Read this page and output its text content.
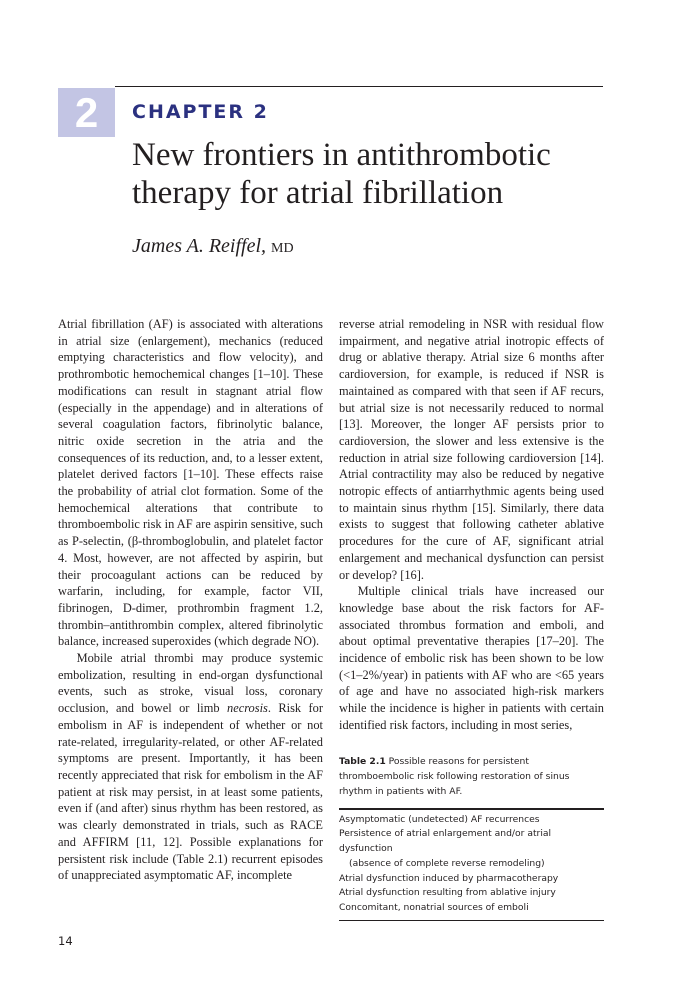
2	CHAPTER 2
New frontiers in antithrombotic
therapy for atrial fibrillation
James A. Reiffel, MD

Atrial fibrillation (AF) is associated with alterations in atrial size (enlargement), mechanics (reduced emptying characteristics and flow velocity), and prothrombotic hemochemical changes [1–10]. These modifications can result in stagnant atrial flow (especially in the appendage) and in alterations of several coagulation factors, fibrinolytic balance, nitric oxide secretion in the atria and the consequences of its reduction, and, to a lesser extent, platelet derived factors [1–10]. These effects raise the probability of atrial clot formation. Some of the hemochemical alterations that contribute to thromboembolic risk in AF are aspirin sensitive, such as P-selectin, (β-thromboglobulin, and platelet factor 4. Most, however, are not affected by aspirin, but their procoagulant actions can be reduced by warfarin, including, for example, factor VII, fibrinogen, D-dimer, prothrombin fragment 1.2, thrombin–antithrombin complex, altered fibrinolytic balance, increased superoxides (which degrade NO).

Mobile atrial thrombi may produce systemic embolization, resulting in end-organ dysfunctional events, such as stroke, visual loss, coronary occlusion, and bowel or limb necrosis. Risk for embolism in AF is independent of whether or not rate-related, irregularity-related, or other AF-related symptoms are present. Importantly, it has been recently appreciated that risk for embolism in the AF patient at risk may persist, in at least some patients, even if (and after) sinus rhythm has been restored, as was clearly demonstrated in trials, such as RACE and AFFIRM [11, 12]. Possible explanations for persistent risk include (Table 2.1) recurrent episodes of unappreciated asymptomatic AF, incomplete

reverse atrial remodeling in NSR with residual flow impairment, and negative atrial inotropic effects of drug or ablative therapy. Atrial size 6 months after cardioversion, for example, is reduced if NSR is maintained as compared with that seen if AF recurs, but atrial size is not necessarily reduced to normal [13]. Moreover, the longer AF persists prior to cardioversion, the slower and less extensive is the reduction in atrial size following cardioversion [14]. Atrial contractility may also be reduced by negative notropic effects of antiarrhythmic agents being used to maintain sinus rhythm [15]. Similarly, there data exists to suggest that following catheter ablative procedures for the cure of AF, significant atrial enlargement and mechanical dysfunction can persist or develop? [16].

Multiple clinical trials have increased our knowledge base about the risk factors for AF-associated thrombus formation and emboli, and about optimal preventative therapies [17–20]. The incidence of embolic risk has been shown to be low (<1–2%/year) in patients with AF who are <65 years of age and have no associated high-risk markers while the incidence is higher in patients with certain identified risk factors, including in most series,

Table 2.1 Possible reasons for persistent thromboembolic risk following restoration of sinus rhythm in patients with AF.

Asymptomatic (undetected) AF recurrences
Persistence of atrial enlargement and/or atrial dysfunction
(absence of complete reverse remodeling)
Atrial dysfunction induced by pharmacotherapy
Atrial dysfunction resulting from ablative injury
Concomitant, nonatrial sources of emboli
14
